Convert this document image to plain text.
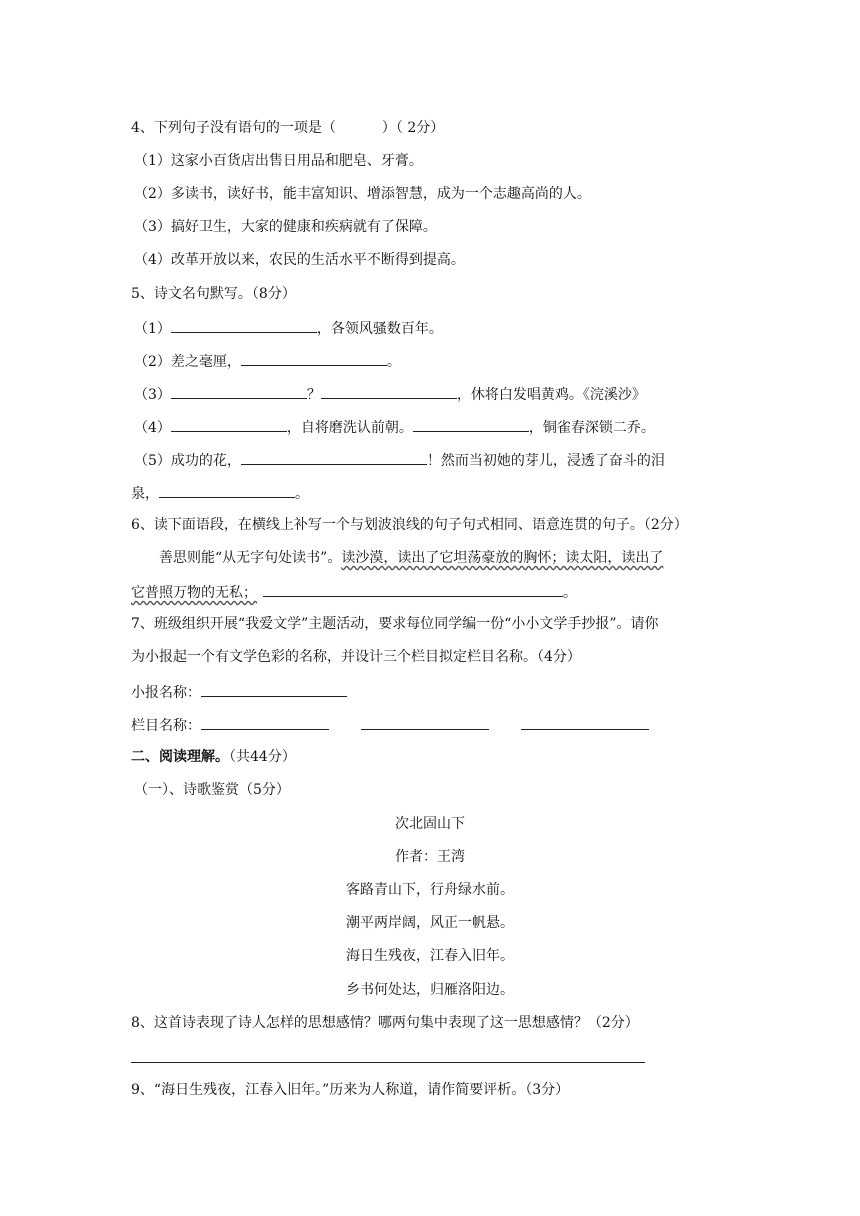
4、下列句子没有语句的一项是（	）（ 2分）
（1）这家小百货店出售日用品和肥皂、牙膏。
（2）多读书，读好书，能丰富知识、增添智慧，成为一个志趣高尚的人。
（3）搞好卫生，大家的健康和疾病就有了保障。
（4）改革开放以来，农民的生活水平不断得到提高。
5、诗文名句默写。（8分）
（1）	，各领风骚数百年。
（2）差之毫厘，	。
（3）	？	，休将白发唱黄鸡。《浣溪沙》
（4）	，自将磨洗认前朝。	，铜雀春深锁二乔。
（5）成功的花，	！然而当初她的芽儿，浸透了奋斗的泪
泉，	。
6、读下面语段，在横线上补写一个与划波浪线的句子句式相同、语意连贯的句子。（2分）
善思则能“从无字句处读书”。读沙漠，读出了它坦荡豪放的胸怀；读太阳，读出了
它普照万物的无私；	。
7、班级组织开展“我爱文学”主题活动，要求每位同学编一份“小小文学手抄报”。请你
为小报起一个有文学色彩的名称，并设计三个栏目拟定栏目名称。（4分）
小报名称：
栏目名称：
二、阅读理解。（共44分）
（一）、诗歌鉴赏（5分）
次北固山下
作者：王湾
客路青山下，行舟绿水前。
潮平两岸阔，风正一帆悬。
海日生残夜，江春入旧年。
乡书何处达，归雁洛阳边。
8、这首诗表现了诗人怎样的思想感情？哪两句集中表现了这一思想感情？（2分）
9、“海日生残夜，江春入旧年。”历来为人称道，请作简要评析。（3分）
